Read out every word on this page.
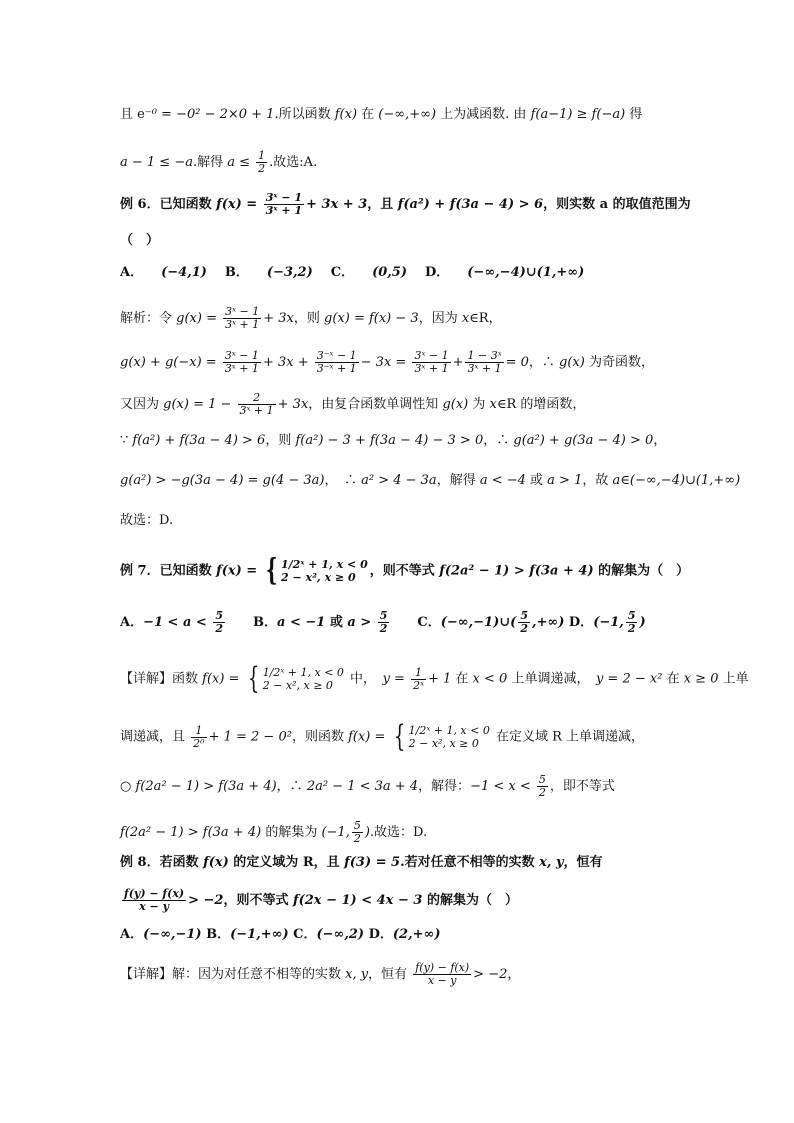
且 e⁻⁰ = −0² − 2×0 + 1.所以函数 f(x) 在 (−∞,+∞) 上为减函数. 由 f(a−1) ≥ f(−a) 得
a − 1 ≤ −a.解得 $a \le \frac{1}{2}$ .故选:A.
例 6．已知函数 $f(x) = \frac{\text{3ˣ − 1}}{\text{3ˣ + 1}} + 3x + 3$，且 f(a²) + f(3a − 4) > 6，则实数 a 的取值范围为
（　）
A． (−4,1) B． (−3,2) C． (0,5) D． (−∞,−4)∪(1,+∞)
解析：令 $g(x) = \frac{\text{3ˣ − 1}}{\text{3ˣ + 1}} + 3x$，则 g(x) = f(x) − 3，因为 x∈R，
$g(x) + g(-x) = \frac{\text{3ˣ − 1}}{\text{3ˣ + 1}} + 3x + \frac{\text{3⁻ˣ − 1}}{\text{3⁻ˣ + 1}} - 3x = \frac{\text{3ˣ − 1}}{\text{3ˣ + 1}} + \frac{\text{1 − 3ˣ}}{\text{3ˣ + 1}} = 0$，∴ g(x) 为奇函数，
又因为 $g(x) = 1 - \frac{2}{\text{3ˣ + 1}} + 3x$，由复合函数单调性知 g(x) 为 x∈R 的增函数，
∵ f(a²) + f(3a − 4) > 6，则 f(a²) − 3 + f(3a − 4) − 3 > 0，∴ g(a²) + g(3a − 4) > 0，
g(a²) > −g(3a − 4) = g(4 − 3a)，　∴ a² > 4 − 3a，解得 a < −4 或 a > 1，故 a∈(−∞,−4)∪(1,+∞)
故选：D.
例 7．已知函数 f(x) = { 1/2ˣ + 1, x < 0
2 − x², x ≥ 0	，则不等式 f(2a² − 1) > f(3a + 4) 的解集为（　）
A．$-1 < a < \frac{5}{2}$ 　　B．a < −1 或 $a > \frac{5}{2}$ 　　C．(−∞,−1)∪( $\frac{5}{2}$ ,+∞) D．(−1, $\frac{5}{2}$ )
【详解】函数 f(x) = { 1/2ˣ + 1, x < 0
2 − x², x ≥ 0	中，　$y = \frac{1}{\text{2ˣ}} + 1$ 在 x < 0 上单调递减，　y = 2 − x² 在 x ≥ 0 上单
调递减，且 $\frac{1}{\text{2⁰}} + 1 = 2 - 0^2$，则函数 f(x) = { 1/2ˣ + 1, x < 0
2 − x², x ≥ 0	在定义域 R 上单调递减，
○ f(2a² − 1) > f(3a + 4)，∴ 2a² − 1 < 3a + 4，解得：$-1 < x < \frac{5}{2}$ ，即不等式
f(2a² − 1) > f(3a + 4) 的解集为 (−1, $\frac{5}{2}$ ).故选：D.
例 8．若函数 f(x) 的定义域为 R，且 f(3) = 5.若对任意不相等的实数 x, y，恒有
$\frac{f(y) - f(x)}{x - y} > -2$，则不等式 f(2x − 1) < 4x − 3 的解集为（　）
A．(−∞,−1) B．(−1,+∞) C．(−∞,2) D．(2,+∞)
【详解】解：因为对任意不相等的实数 x, y，恒有 $\frac{f(y) - f(x)}{x - y} > -2$，
